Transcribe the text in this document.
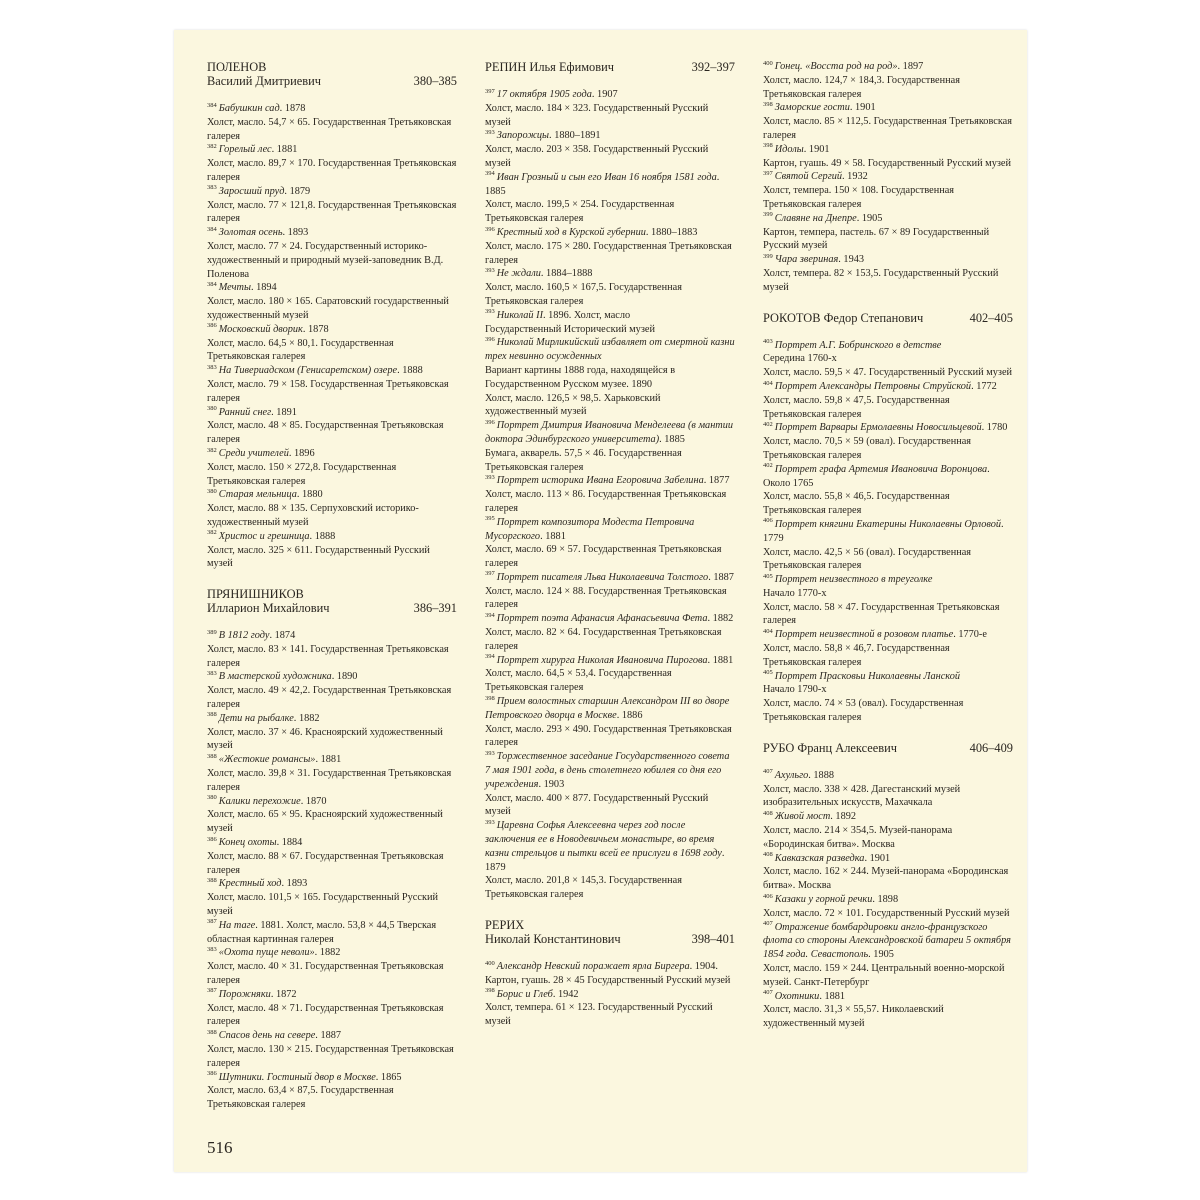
ПОЛЕНОВ
Василий Дмитриевич	380–385
$^{384}$ Бабушкин сад. 1878
Холст, масло. 54,7 × 65. Государственная Третьяковская галерея
$^{382}$ Горелый лес. 1881
Холст, масло. 89,7 × 170. Государственная Третьяковская галерея
$^{383}$ Заросший пруд. 1879
Холст, масло. 77 × 121,8. Государственная Третьяковская галерея
$^{384}$ Золотая осень. 1893
Холст, масло. 77 × 24. Государственный историко-художественный и природный музей-заповедник В.Д. Поленова
$^{384}$ Мечты. 1894
Холст, масло. 180 × 165. Саратовский государственный художественный музей
$^{386}$ Московский дворик. 1878
Холст, масло. 64,5 × 80,1. Государственная Третьяковская галерея
$^{383}$ На Тивериадском (Генисаретском) озере. 1888
Холст, масло. 79 × 158. Государственная Третьяковская галерея
$^{380}$ Ранний снег. 1891
Холст, масло. 48 × 85. Государственная Третьяковская галерея
$^{382}$ Среди учителей. 1896
Холст, масло. 150 × 272,8. Государственная Третьяковская галерея
$^{380}$ Старая мельница. 1880
Холст, масло. 88 × 135. Серпуховский историко-художественный музей
$^{382}$ Христос и грешница. 1888
Холст, масло. 325 × 611. Государственный Русский музей
ПРЯНИШНИКОВ
Илларион Михайлович	386–391
$^{389}$ В 1812 году. 1874
Холст, масло. 83 × 141. Государственная Третьяковская галерея
$^{383}$ В мастерской художника. 1890
Холст, масло. 49 × 42,2. Государственная Третьяковская галерея
$^{388}$ Дети на рыбалке. 1882
Холст, масло. 37 × 46. Красноярский художественный музей
$^{388}$ «Жестокие романсы». 1881
Холст, масло. 39,8 × 31. Государственная Третьяковская галерея
$^{380}$ Калики перехожие. 1870
Холст, масло. 65 × 95. Красноярский художественный музей
$^{386}$ Конец охоты. 1884
Холст, масло. 88 × 67. Государственная Третьяковская галерея
$^{388}$ Крестный ход. 1893
Холст, масло. 101,5 × 165. Государственный Русский музей
$^{387}$ На таге. 1881. Холст, масло. 53,8 × 44,5 Тверская областная картинная галерея
$^{383}$ «Охота пуще неволи». 1882
Холст, масло. 40 × 31. Государственная Третьяковская галерея
$^{387}$ Порожняки. 1872
Холст, масло. 48 × 71. Государственная Третьяковская галерея
$^{388}$ Спасов день на севере. 1887
Холст, масло. 130 × 215. Государственная Третьяковская галерея
$^{386}$ Шутники. Гостиный двор в Москве. 1865
Холст, масло. 63,4 × 87,5. Государственная Третьяковская галерея
РЕПИН Илья Ефимович	392–397
$^{397}$ 17 октября 1905 года. 1907
Холст, масло. 184 × 323. Государственный Русский музей
$^{393}$ Запорожцы. 1880–1891
Холст, масло. 203 × 358. Государственный Русский музей
$^{394}$ Иван Грозный и сын его Иван 16 ноября 1581 года. 1885
Холст, масло. 199,5 × 254. Государственная Третьяковская галерея
$^{396}$ Крестный ход в Курской губернии. 1880–1883
Холст, масло. 175 × 280. Государственная Третьяковская галерея
$^{393}$ Не ждали. 1884–1888
Холст, масло. 160,5 × 167,5. Государственная Третьяковская галерея
$^{393}$ Николай II. 1896. Холст, масло
Государственный Исторический музей
$^{396}$ Николай Мирликийский избавляет от смертной казни трех невинно осужденных
Вариант картины 1888 года, находящейся в Государственном Русском музее. 1890
Холст, масло. 126,5 × 98,5. Харьковский художественный музей
$^{396}$ Портрет Дмитрия Ивановича Менделеева (в мантии доктора Эдинбургского университета). 1885
Бумага, акварель. 57,5 × 46. Государственная Третьяковская галерея
$^{393}$ Портрет историка Ивана Егоровича Забелина. 1877
Холст, масло. 113 × 86. Государственная Третьяковская галерея
$^{395}$ Портрет композитора Модеста Петровича Мусоргского. 1881
Холст, масло. 69 × 57. Государственная Третьяковская галерея
$^{397}$ Портрет писателя Льва Николаевича Толстого. 1887
Холст, масло. 124 × 88. Государственная Третьяковская галерея
$^{394}$ Портрет поэта Афанасия Афанасьевича Фета. 1882
Холст, масло. 82 × 64. Государственная Третьяковская галерея
$^{394}$ Портрет хирурга Николая Ивановича Пирогова. 1881
Холст, масло. 64,5 × 53,4. Государственная Третьяковская галерея
$^{398}$ Прием волостных старшин Александром III во дворе Петровского дворца в Москве. 1886
Холст, масло. 293 × 490. Государственная Третьяковская галерея
$^{393}$ Торжественное заседание Государственного совета 7 мая 1901 года, в день столетнего юбилея со дня его учреждения. 1903
Холст, масло. 400 × 877. Государственный Русский музей
$^{393}$ Царевна Софья Алексеевна через год после заключения ее в Новодевичьем монастыре, во время казни стрельцов и пытки всей ее прислуги в 1698 году. 1879
Холст, масло. 201,8 × 145,3. Государственная Третьяковская галерея
РЕРИХ
Николай Константинович	398–401
$^{400}$ Александр Невский поражает ярла Биргера. 1904. Картон, гуашь. 28 × 45 Государственный Русский музей
$^{398}$ Борис и Глеб. 1942
Холст, темпера. 61 × 123. Государственный Русский музей
$^{400}$ Гонец. «Восста род на род». 1897
Холст, масло. 124,7 × 184,3. Государственная Третьяковская галерея
$^{398}$ Заморские гости. 1901
Холст, масло. 85 × 112,5. Государственная Третьяковская галерея
$^{398}$ Идолы. 1901
Картон, гуашь. 49 × 58. Государственный Русский музей
$^{397}$ Святой Сергий. 1932
Холст, темпера. 150 × 108. Государственная Третьяковская галерея
$^{399}$ Славяне на Днепре. 1905
Картон, темпера, пастель. 67 × 89 Государственный Русский музей
$^{399}$ Чара звериная. 1943
Холст, темпера. 82 × 153,5. Государственный Русский музей
РОКОТОВ Федор Степанович	402–405
$^{403}$ Портрет А.Г. Бобринского в детстве
Середина 1760-х
Холст, масло. 59,5 × 47. Государственный Русский музей
$^{404}$ Портрет Александры Петровны Струйской. 1772
Холст, масло. 59,8 × 47,5. Государственная Третьяковская галерея
$^{402}$ Портрет Варвары Ермолаевны Новосильцевой. 1780
Холст, масло. 70,5 × 59 (овал). Государственная Третьяковская галерея
$^{402}$ Портрет графа Артемия Ивановича Воронцова. Около 1765
Холст, масло. 55,8 × 46,5. Государственная Третьяковская галерея
$^{406}$ Портрет княгини Екатерины Николаевны Орловой. 1779
Холст, масло. 42,5 × 56 (овал). Государственная Третьяковская галерея
$^{405}$ Портрет неизвестного в треуголке
Начало 1770-х
Холст, масло. 58 × 47. Государственная Третьяковская галерея
$^{404}$ Портрет неизвестной в розовом платье. 1770-е
Холст, масло. 58,8 × 46,7. Государственная Третьяковская галерея
$^{405}$ Портрет Прасковьи Николаевны Ланской
Начало 1790-х
Холст, масло. 74 × 53 (овал). Государственная Третьяковская галерея
РУБО Франц Алексеевич	406–409
$^{407}$ Ахульго. 1888
Холст, масло. 338 × 428. Дагестанский музей изобразительных искусств, Махачкала
$^{408}$ Живой мост. 1892
Холст, масло. 214 × 354,5. Музей-панорама «Бородинская битва». Москва
$^{408}$ Кавказская разведка. 1901
Холст, масло. 162 × 244. Музей-панорама «Бородинская битва». Москва
$^{406}$ Казаки у горной речки. 1898
Холст, масло. 72 × 101. Государственный Русский музей
$^{407}$ Отражение бомбардировки англо-французского флота со стороны Александровской батареи 5 октября 1854 года. Севастополь. 1905
Холст, масло. 159 × 244. Центральный военно-морской музей. Санкт-Петербург
$^{407}$ Охотники. 1881
Холст, масло. 31,3 × 55,57. Николаевский художественный музей
516
